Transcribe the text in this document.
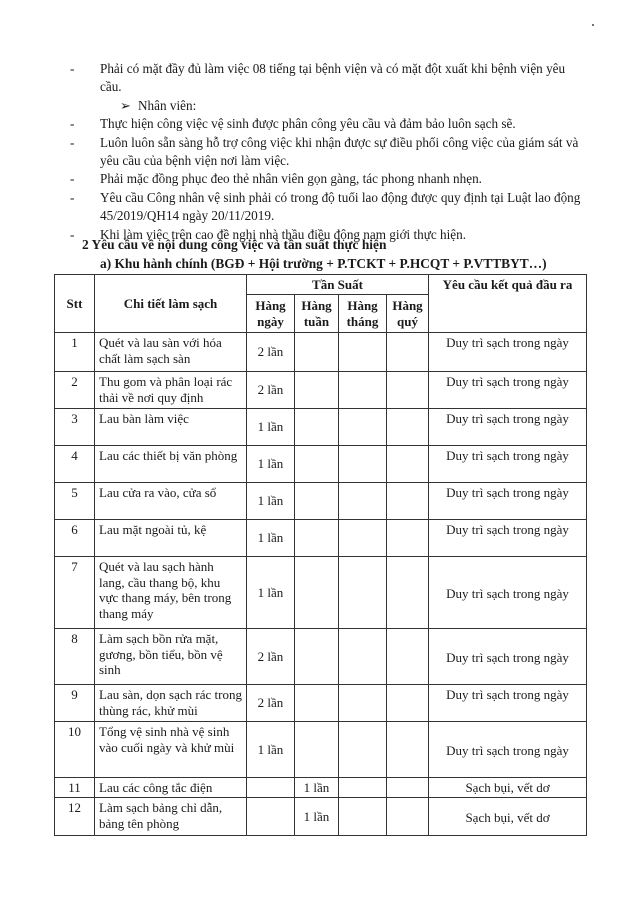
-	Phải có mặt đầy đủ làm việc 08 tiếng tại bệnh viện và có mặt đột xuất khi bệnh viện yêu cầu.
➢ Nhân viên:
-	Thực hiện công việc vệ sinh được phân công yêu cầu và đảm bảo luôn sạch sẽ.
-	Luôn luôn sẵn sàng hỗ trợ công việc khi nhận được sự điều phối công việc của giám sát và yêu cầu của bệnh viện nơi làm việc.
-	Phải mặc đồng phục đeo thẻ nhân viên gọn gàng, tác phong nhanh nhẹn.
-	Yêu cầu Công nhân vệ sinh phải có trong độ tuổi lao động được quy định tại Luật lao động 45/2019/QH14 ngày 20/11/2019.
-	Khi làm việc trên cao đề nghị nhà thầu điều động nam giới thực hiện.
2 Yêu cầu về nội dung công việc và tần suất thực hiện
a) Khu hành chính (BGĐ + Hội trường + P.TCKT + P.HCQT + P.VTTBYT…)
Stt	Chi tiết làm sạch	Tần Suất				Yêu cầu kết quả đầu ra
		Hàng ngày	Hàng tuần	Hàng tháng	Hàng quý	
1	Quét và lau sàn với hóa chất làm sạch sàn	2 lần				Duy trì sạch trong ngày
2	Thu gom và phân loại rác thải về nơi quy định	2 lần				Duy trì sạch trong ngày
3	Lau bàn làm việc	1 lần				Duy trì sạch trong ngày
4	Lau các thiết bị văn phòng	1 lần				Duy trì sạch trong ngày
5	Lau cửa ra vào, cửa sổ	1 lần				Duy trì sạch trong ngày
6	Lau mặt ngoài tủ, kệ	1 lần				Duy trì sạch trong ngày
7	Quét và lau sạch hành lang, cầu thang bộ, khu vực thang máy, bên trong thang máy	1 lần				Duy trì sạch trong ngày
8	Làm sạch bồn rửa mặt, gương, bồn tiểu, bồn vệ sinh	2 lần				Duy trì sạch trong ngày
9	Lau sàn, dọn sạch rác trong thùng rác, khử mùi	2 lần				Duy trì sạch trong ngày
10	Tổng vệ sinh nhà vệ sinh vào cuối ngày và khử mùi	1 lần				Duy trì sạch trong ngày
11	Lau các công tắc điện		1 lần			Sạch bụi, vết dơ
12	Làm sạch bảng chỉ dẫn, bảng tên phòng		1 lần			Sạch bụi, vết dơ
